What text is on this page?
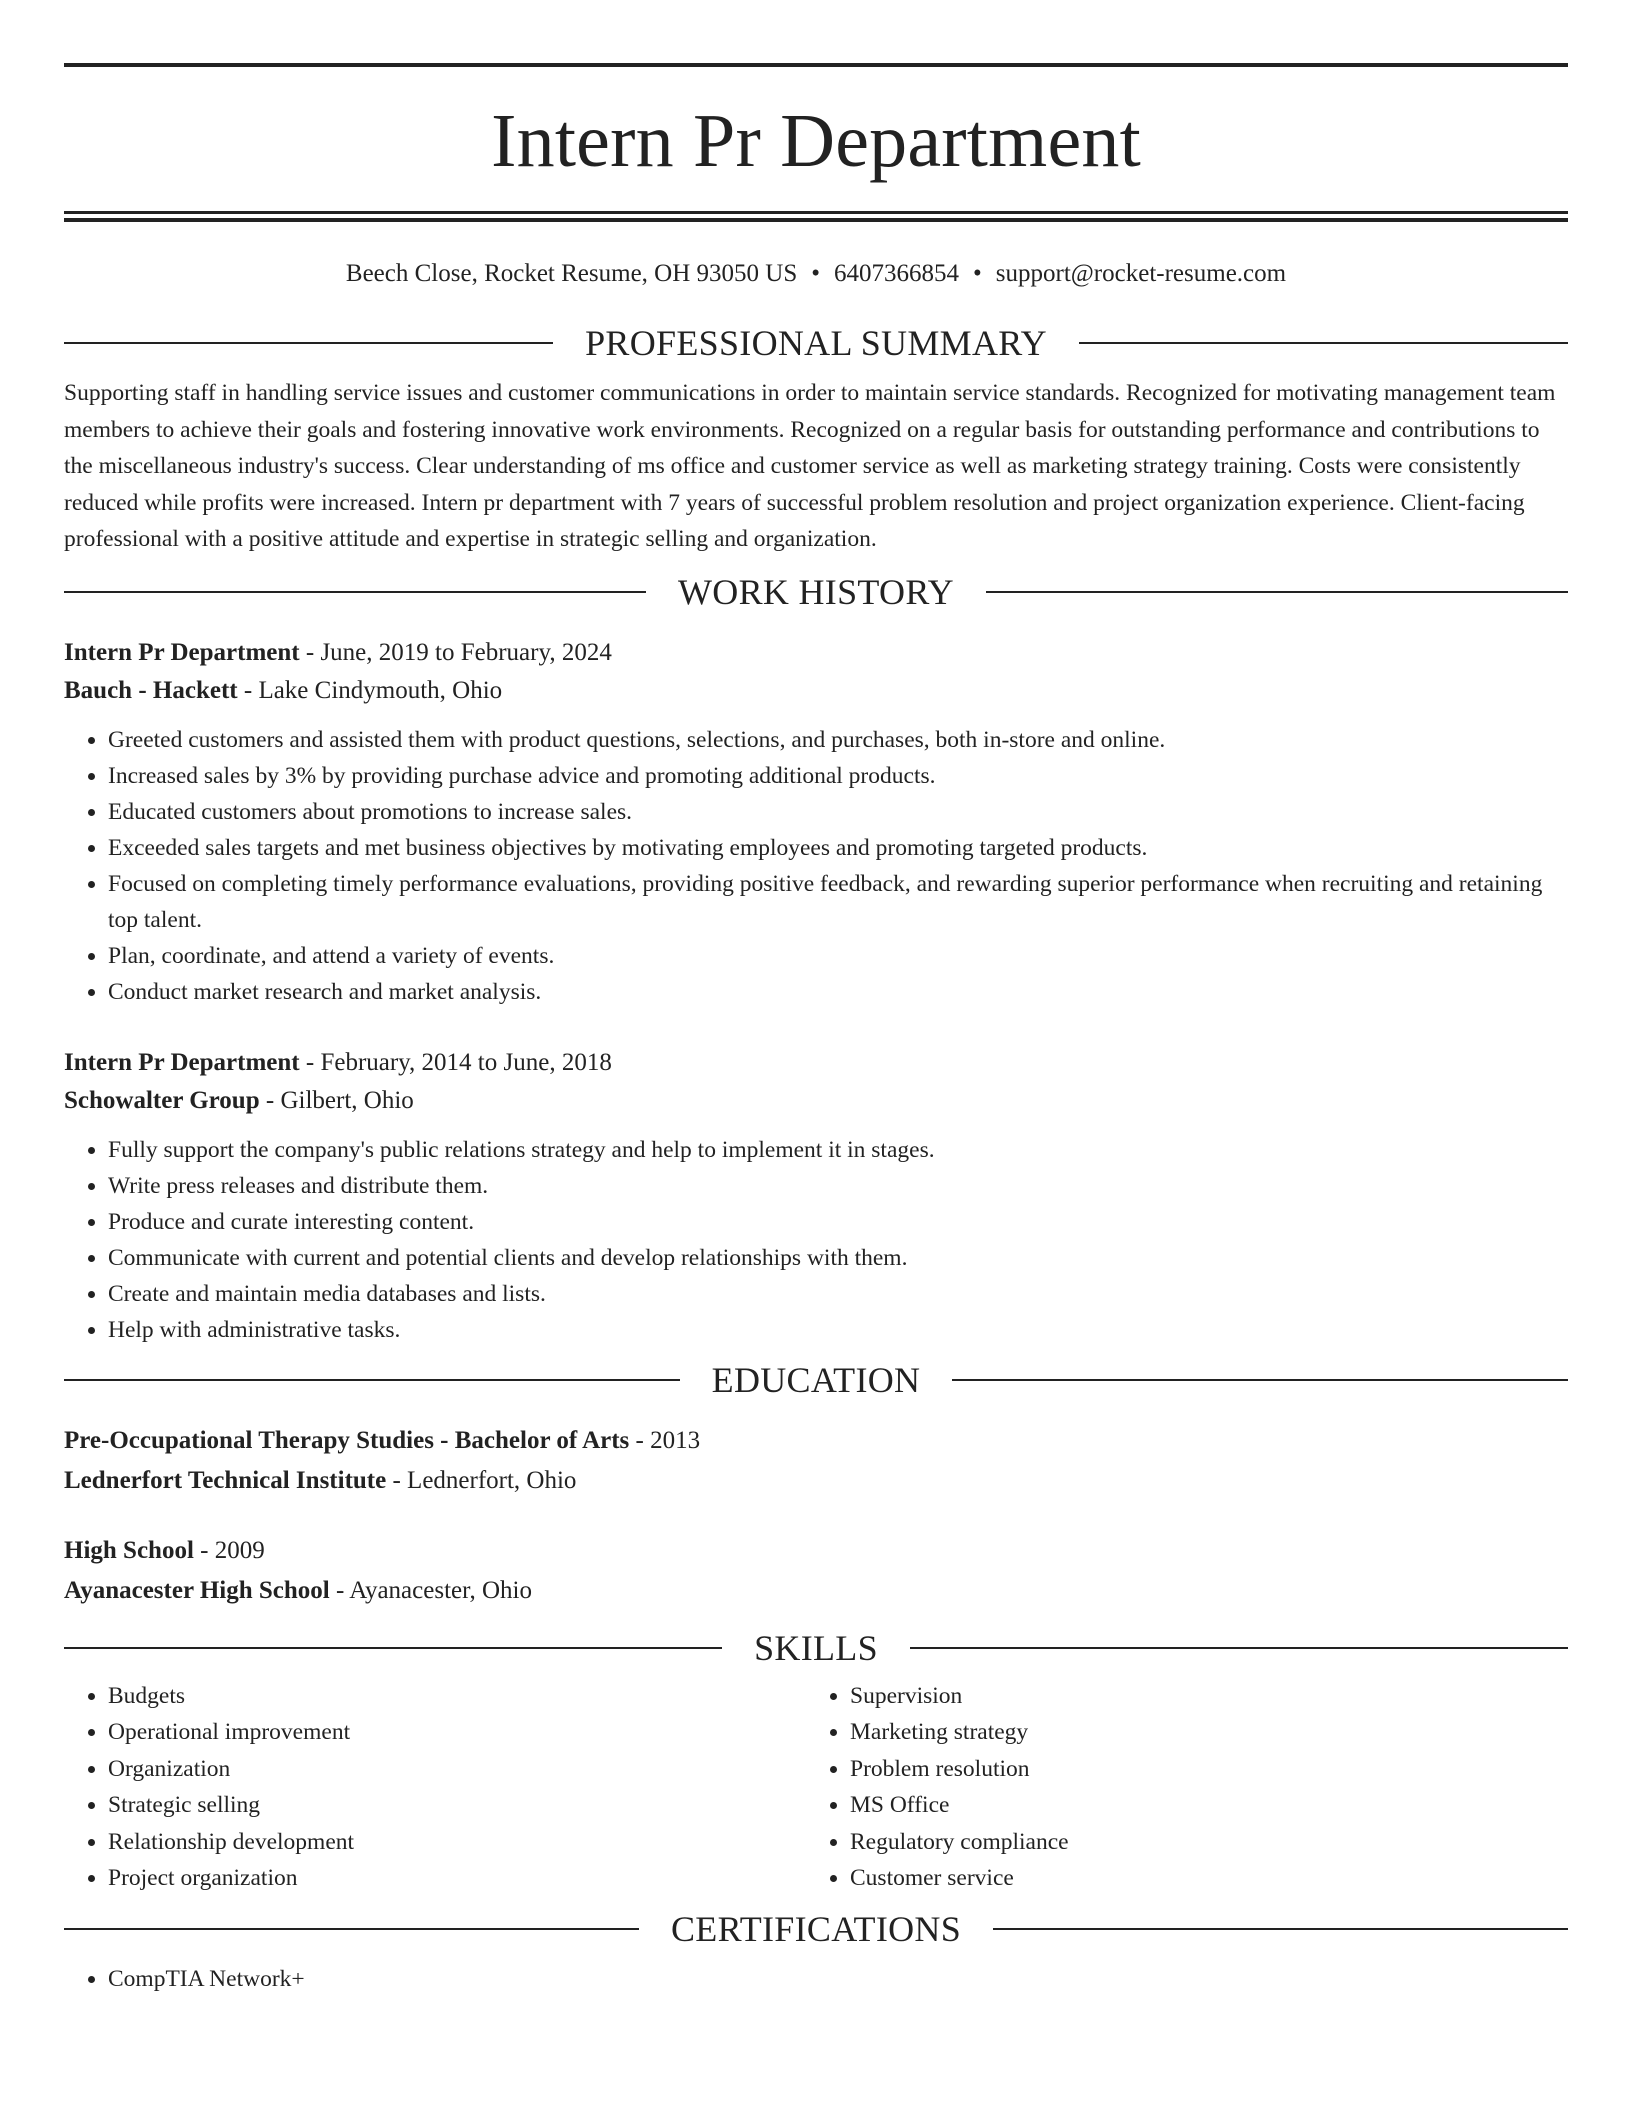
Intern Pr Department
Beech Close, Rocket Resume, OH 93050 US • 6407366854 • support@rocket-resume.com
PROFESSIONAL SUMMARY
Supporting staff in handling service issues and customer communications in order to maintain service standards. Recognized for motivating management team members to achieve their goals and fostering innovative work environments. Recognized on a regular basis for outstanding performance and contributions to the miscellaneous industry's success. Clear understanding of ms office and customer service as well as marketing strategy training. Costs were consistently reduced while profits were increased. Intern pr department with 7 years of successful problem resolution and project organization experience. Client-facing professional with a positive attitude and expertise in strategic selling and organization.
WORK HISTORY
Intern Pr Department - June, 2019 to February, 2024
Bauch - Hackett - Lake Cindymouth, Ohio
• Greeted customers and assisted them with product questions, selections, and purchases, both in-store and online.
• Increased sales by 3% by providing purchase advice and promoting additional products.
• Educated customers about promotions to increase sales.
• Exceeded sales targets and met business objectives by motivating employees and promoting targeted products.
• Focused on completing timely performance evaluations, providing positive feedback, and rewarding superior performance when recruiting and retaining top talent.
• Plan, coordinate, and attend a variety of events.
• Conduct market research and market analysis.
Intern Pr Department - February, 2014 to June, 2018
Schowalter Group - Gilbert, Ohio
• Fully support the company's public relations strategy and help to implement it in stages.
• Write press releases and distribute them.
• Produce and curate interesting content.
• Communicate with current and potential clients and develop relationships with them.
• Create and maintain media databases and lists.
• Help with administrative tasks.
EDUCATION
Pre-Occupational Therapy Studies - Bachelor of Arts - 2013
Lednerfort Technical Institute - Lednerfort, Ohio
High School - 2009
Ayanacester High School - Ayanacester, Ohio
SKILLS
• Budgets
• Operational improvement
• Organization
• Strategic selling
• Relationship development
• Project organization
• Supervision
• Marketing strategy
• Problem resolution
• MS Office
• Regulatory compliance
• Customer service
CERTIFICATIONS
• CompTIA Network+
